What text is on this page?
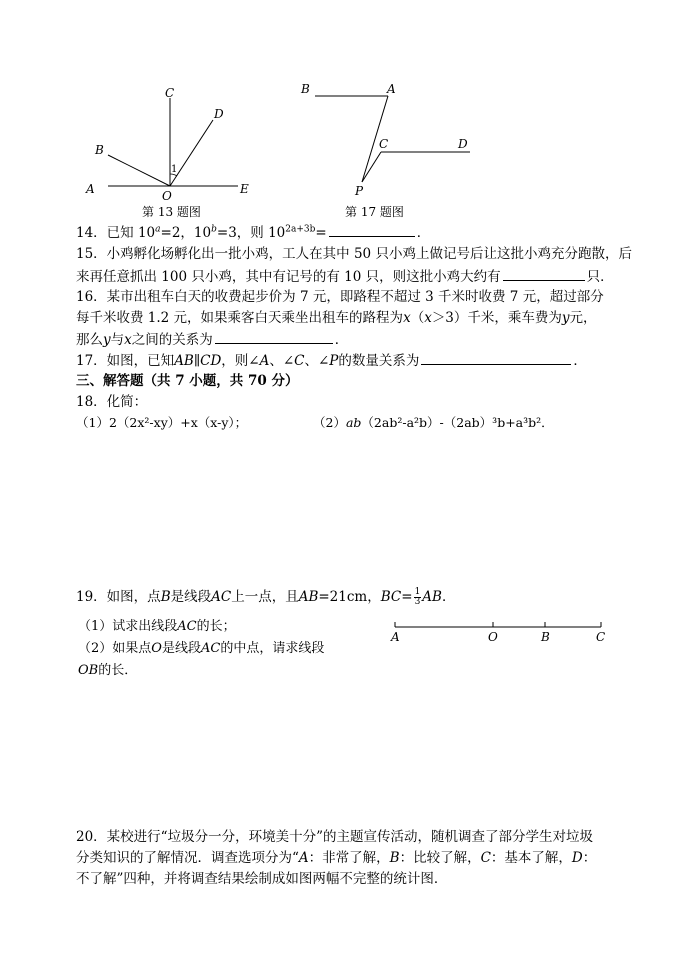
C
D
B
1
A	O	E
第 13 题图
B	A
C	D
P
第 17 题图
14．已知 $10^a=2$，$10^b=3$，则 $10^{2a+3b}=$	．
15．小鸡孵化场孵化出一批小鸡，工人在其中 50 只小鸡上做记号后让这批小鸡充分跑散，后
来再任意抓出 100 只小鸡，其中有记号的有 10 只，则这批小鸡大约有	只．
16．某市出租车白天的收费起步价为 7 元，即路程不超过 3 千米时收费 7 元，超过部分
每千米收费 1.2 元，如果乘客白天乘坐出租车的路程为x（x＞3）千米，乘车费为y元，
那么y与x之间的关系为	．
17．如图，已知AB∥CD，则∠A、∠C、∠P的数量关系为	．
三、解答题（共 7 小题，共 70 分）
18．化简：
（1）2（2x²-xy）+x（x-y）；	（2）ab（2ab²-a²b）-（2ab）³b+a³b²．
19．如图，点B是线段AC上一点，且AB=21cm，$BC= \frac{1}{3}$ AB．
（1）试求出线段AC的长；
（2）如果点O是线段AC的中点，请求线段
OB的长．
A	O	B	C
20．某校进行“垃圾分一分，环境美十分”的主题宣传活动，随机调查了部分学生对垃圾
分类知识的了解情况．调查选项分为“A：非常了解，B：比较了解，C：基本了解，D：
不了解”四种，并将调查结果绘制成如图两幅不完整的统计图．
